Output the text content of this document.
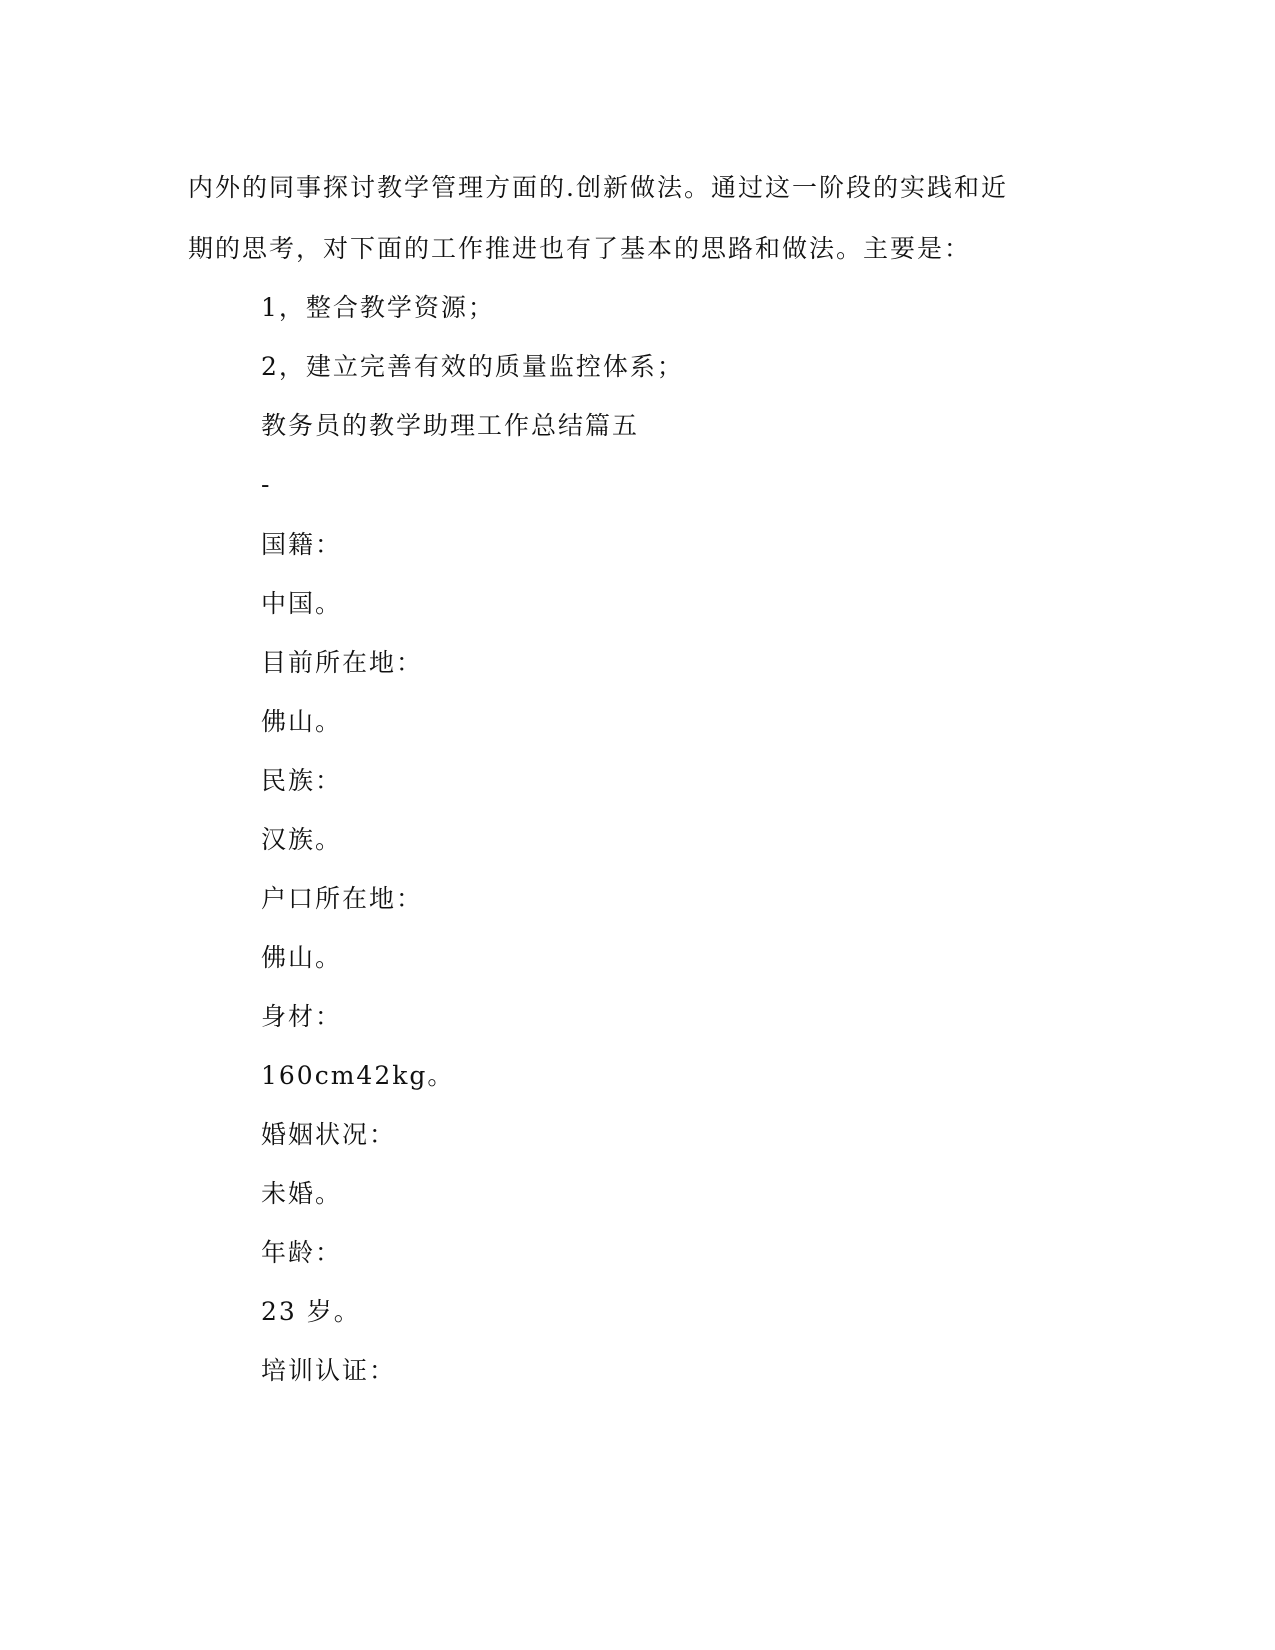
内外的同事探讨教学管理方面的.创新做法。通过这一阶段的实践和近
期的思考，对下面的工作推进也有了基本的思路和做法。主要是：
1，整合教学资源；
2，建立完善有效的质量监控体系；
教务员的教学助理工作总结篇五
-
国籍：
中国。
目前所在地：
佛山。
民族：
汉族。
户口所在地：
佛山。
身材：
160cm42kg。
婚姻状况：
未婚。
年龄：
23 岁。
培训认证：
